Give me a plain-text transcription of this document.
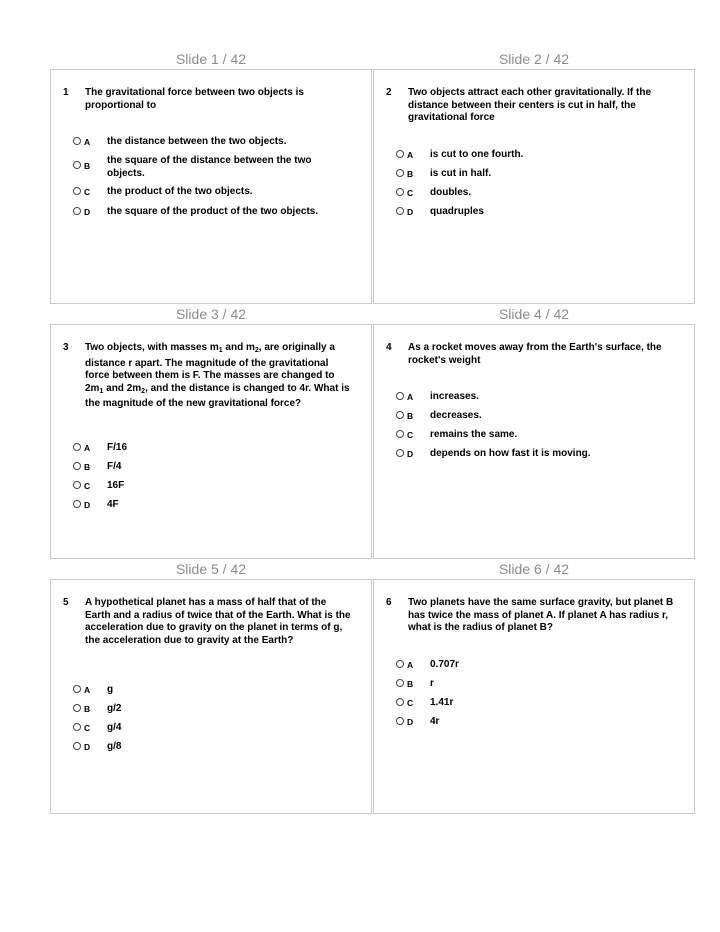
Slide 1 / 42
1 The gravitational force between two objects is proportional to
A the distance between the two objects.
B the square of the distance between the two objects.
C the product of the two objects.
D the square of the product of the two objects.
Slide 2 / 42
2 Two objects attract each other gravitationally. If the distance between their centers is cut in half, the gravitational force
A is cut to one fourth.
B is cut in half.
C doubles.
D quadruples
Slide 3 / 42
3 Two objects, with masses $m_1$ and $m_2$, are originally a distance r apart. The magnitude of the gravitational force between them is F. The masses are changed to $2m_1$ and $2m_2$, and the distance is changed to 4r. What is the magnitude of the new gravitational force?
A F/16
B F/4
C 16F
D 4F
Slide 4 / 42
4 As a rocket moves away from the Earth's surface, the rocket's weight
A increases.
B decreases.
C remains the same.
D depends on how fast it is moving.
Slide 5 / 42
5 A hypothetical planet has a mass of half that of the Earth and a radius of twice that of the Earth. What is the acceleration due to gravity on the planet in terms of g, the acceleration due to gravity at the Earth?
A g
B g/2
C g/4
D g/8
Slide 6 / 42
6 Two planets have the same surface gravity, but planet B has twice the mass of planet A. If planet A has radius r, what is the radius of planet B?
A 0.707r
B r
C 1.41r
D 4r
